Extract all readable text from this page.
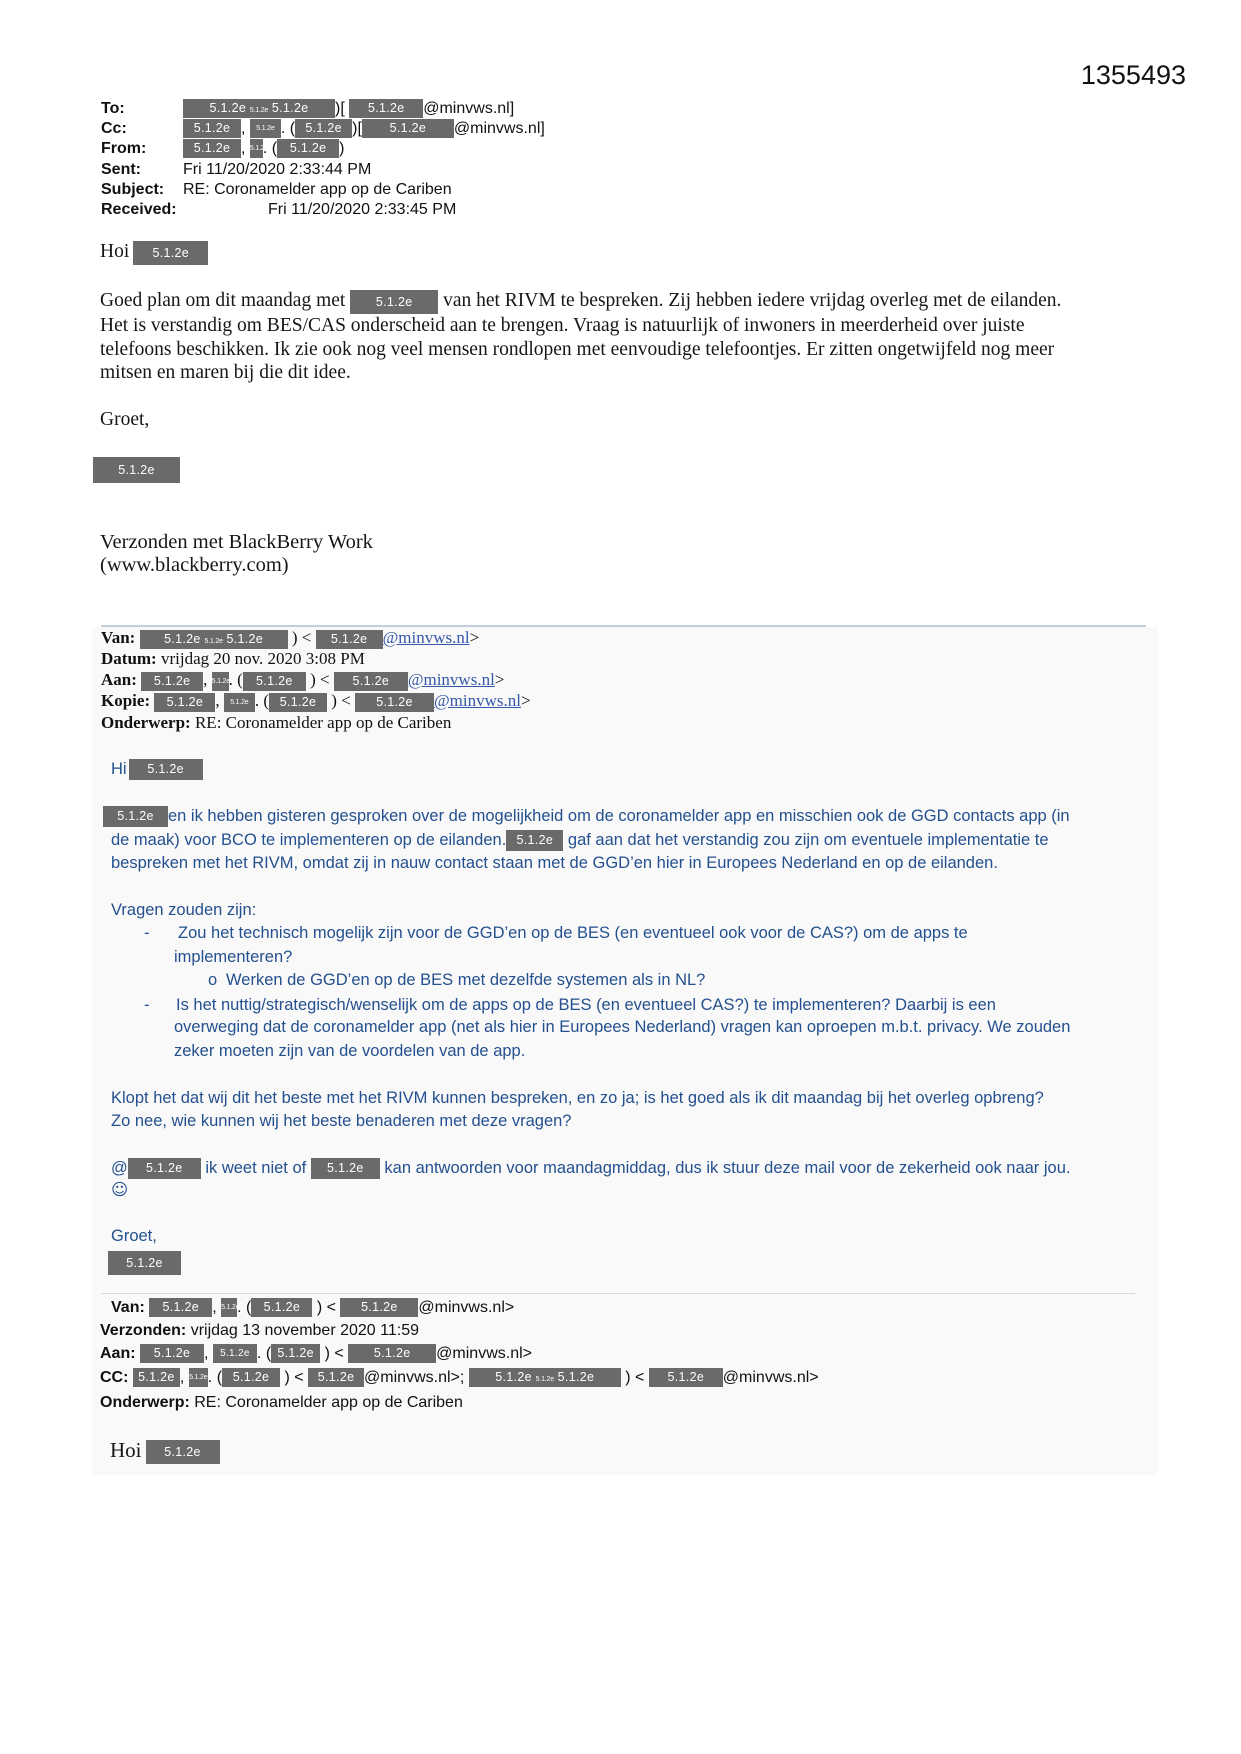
1355493
To:	5.1.2e 5.1.2e 5.1.2e )[ 5.1.2e @minvws.nl]
Cc:	5.1.2e , 5.1.2e . ( 5.1.2e )[ 5.1.2e @minvws.nl]
From:	5.1.2e , 5.1.2e. ( 5.1.2e )
Sent:	Fri 11/20/2020 2:33:44 PM
Subject: RE: Coronamelder app op de Cariben
Received:	Fri 11/20/2020 2:33:45 PM
Hoi 5.1.2e
Goed plan om dit maandag met 5.1.2e van het RIVM te bespreken. Zij hebben iedere vrijdag overleg met de eilanden.
Het is verstandig om BES/CAS onderscheid aan te brengen. Vraag is natuurlijk of inwoners in meerderheid over juiste
telefoons beschikken. Ik zie ook nog veel mensen rondlopen met eenvoudige telefoontjes. Er zitten ongetwijfeld nog meer
mitsen en maren bij die dit idee.
Groet,
5.1.2e
Verzonden met BlackBerry Work
(www.blackberry.com)
Van: 5.1.2e 5.1.2e 5.1.2e ) < 5.1.2e @minvws.nl>
Datum: vrijdag 20 nov. 2020 3:08 PM
Aan: 5.1.2e , 5.1.2e. ( 5.1.2e ) < 5.1.2e @minvws.nl>
Kopie: 5.1.2e , 5.1.2e . ( 5.1.2e ) < 5.1.2e @minvws.nl>
Onderwerp: RE: Coronamelder app op de Cariben
Hi 5.1.2e
5.1.2e en ik hebben gisteren gesproken over de mogelijkheid om de coronamelder app en misschien ook de GGD contacts app (in
de maak) voor BCO te implementeren op de eilanden. 5.1.2e gaf aan dat het verstandig zou zijn om eventuele implementatie te
bespreken met het RIVM, omdat zij in nauw contact staan met de GGD’en hier in Europees Nederland en op de eilanden.
Vragen zouden zijn:
- Zou het technisch mogelijk zijn voor de GGD’en op de BES (en eventueel ook voor de CAS?) om de apps te
implementeren?
o Werken de GGD’en op de BES met dezelfde systemen als in NL?
- Is het nuttig/strategisch/wenselijk om de apps op de BES (en eventueel CAS?) te implementeren? Daarbij is een
overweging dat de coronamelder app (net als hier in Europees Nederland) vragen kan oproepen m.b.t. privacy. We zouden
zeker moeten zijn van de voordelen van de app.
Klopt het dat wij dit het beste met het RIVM kunnen bespreken, en zo ja; is het goed als ik dit maandag bij het overleg opbreng?
Zo nee, wie kunnen wij het beste benaderen met deze vragen?
@ 5.1.2e ik weet niet of 5.1.2e kan antwoorden voor maandagmiddag, dus ik stuur deze mail voor de zekerheid ook naar jou.
☺
Groet,
5.1.2e
Van: 5.1.2e , 5.1.2e. ( 5.1.2e ) < 5.1.2e @minvws.nl>
Verzonden: vrijdag 13 november 2020 11:59
Aan: 5.1.2e , 5.1.2e . ( 5.1.2e ) < 5.1.2e @minvws.nl>
CC: 5.1.2e , 5.1.2e. ( 5.1.2e ) < 5.1.2e @minvws.nl>; 5.1.2e 5.1.2e 5.1.2e ) < 5.1.2e @minvws.nl>
Onderwerp: RE: Coronamelder app op de Cariben
Hoi 5.1.2e
